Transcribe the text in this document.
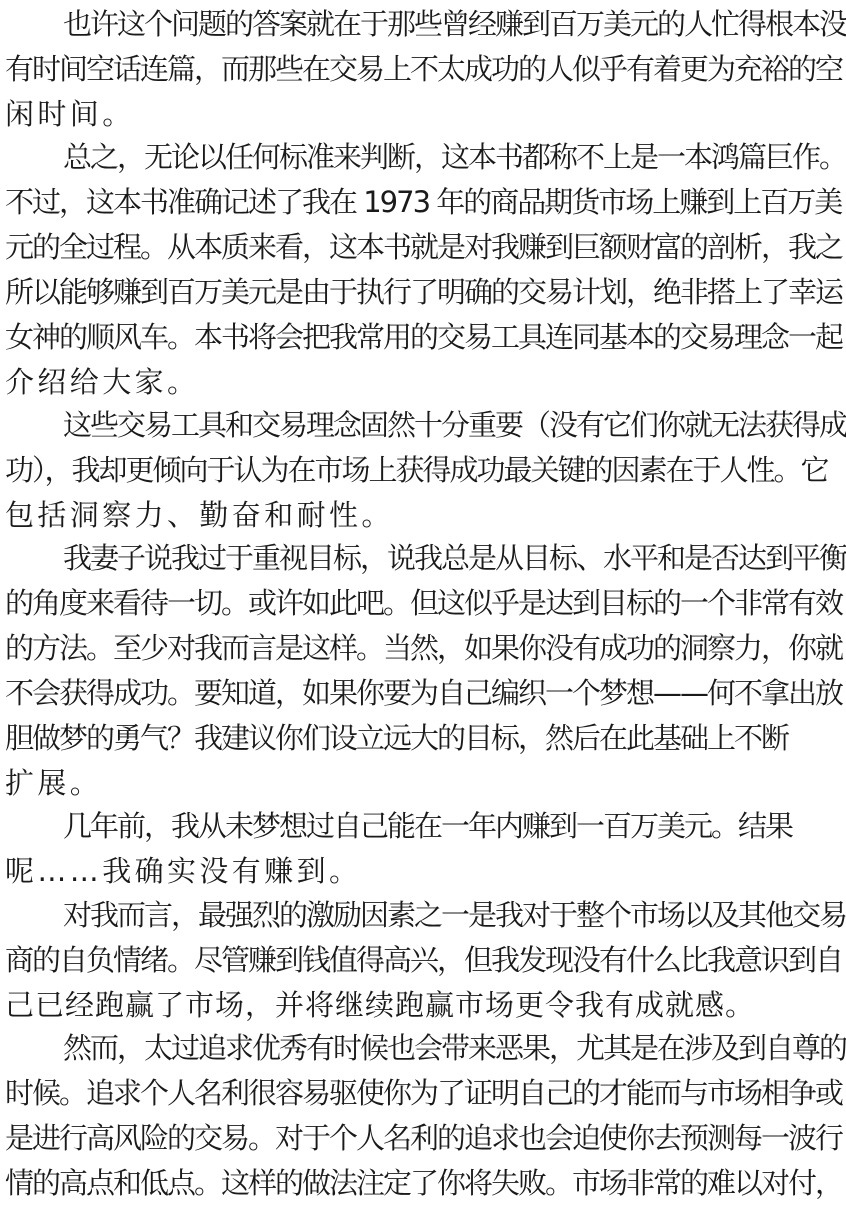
也许这个问题的答案就在于那些曾经赚到百万美元的人忙得根本没
有时间空话连篇，而那些在交易上不太成功的人似乎有着更为充裕的空
闲时间。
总之，无论以任何标准来判断，这本书都称不上是一本鸿篇巨作。
不过，这本书准确记述了我在 1973 年的商品期货市场上赚到上百万美
元的全过程。从本质来看，这本书就是对我赚到巨额财富的剖析，我之
所以能够赚到百万美元是由于执行了明确的交易计划，绝非搭上了幸运
女神的顺风车。本书将会把我常用的交易工具连同基本的交易理念一起
介绍给大家。
这些交易工具和交易理念固然十分重要（没有它们你就无法获得成
功），我却更倾向于认为在市场上获得成功最关键的因素在于人性。它
包括洞察力、勤奋和耐性。
我妻子说我过于重视目标，说我总是从目标、水平和是否达到平衡
的角度来看待一切。或许如此吧。但这似乎是达到目标的一个非常有效
的方法。至少对我而言是这样。当然，如果你没有成功的洞察力，你就
不会获得成功。要知道，如果你要为自己编织一个梦想——何不拿出放
胆做梦的勇气？我建议你们设立远大的目标，然后在此基础上不断
扩展。
几年前，我从未梦想过自己能在一年内赚到一百万美元。结果
呢……我确实没有赚到。
对我而言，最强烈的激励因素之一是我对于整个市场以及其他交易
商的自负情绪。尽管赚到钱值得高兴，但我发现没有什么比我意识到自
己已经跑赢了市场，并将继续跑赢市场更令我有成就感。
然而，太过追求优秀有时候也会带来恶果，尤其是在涉及到自尊的
时候。追求个人名利很容易驱使你为了证明自己的才能而与市场相争或
是进行高风险的交易。对于个人名利的追求也会迫使你去预测每一波行
情的高点和低点。这样的做法注定了你将失败。市场非常的难以对付，
